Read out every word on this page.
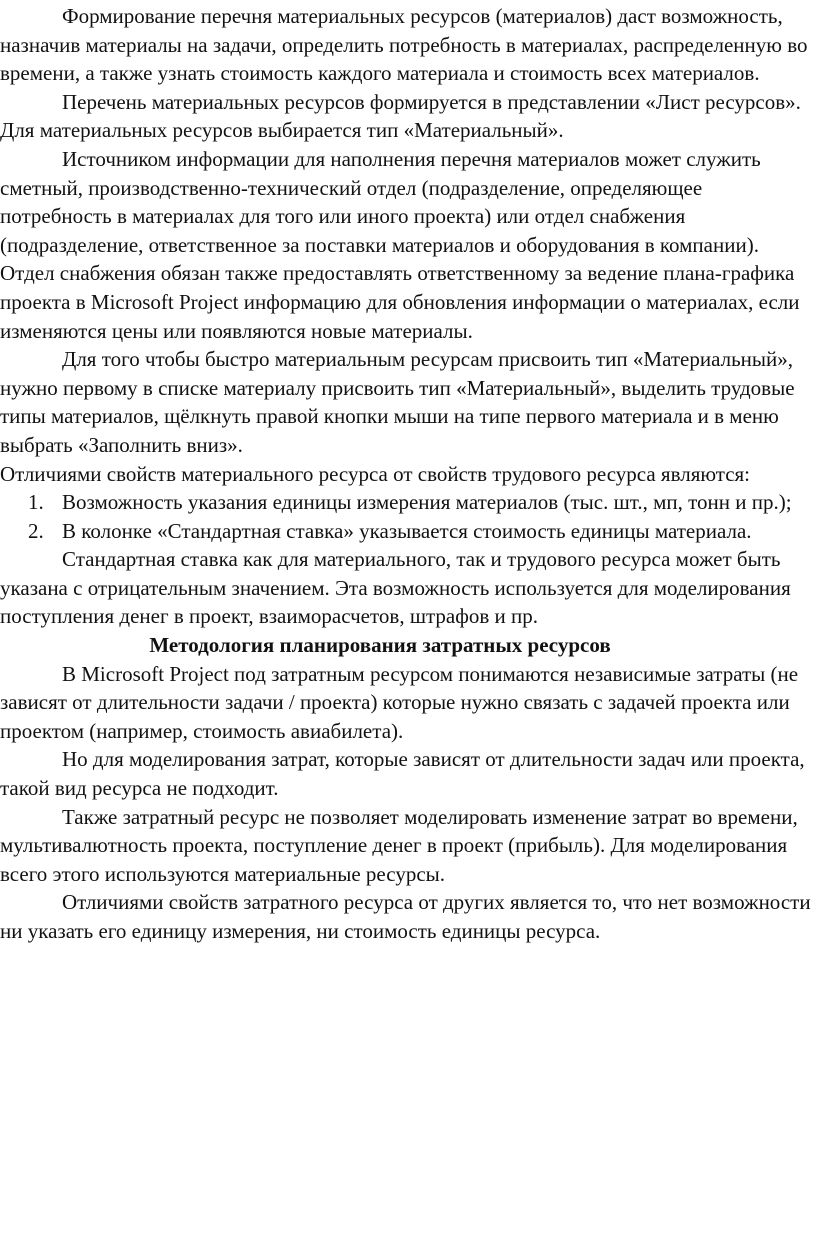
Формирование перечня материальных ресурсов (материалов) даст возможность, назначив материалы на задачи, определить потребность в материалах, распределенную во времени, а также узнать стоимость каждого материала и стоимость всех материалов.

Перечень материальных ресурсов формируется в представлении «Лист ресурсов». Для материальных ресурсов выбирается тип «Материальный».

Источником информации для наполнения перечня материалов может служить сметный, производственно-технический отдел (подразделение, определяющее потребность в материалах для того или иного проекта) или отдел снабжения (подразделение, ответственное за поставки материалов и оборудования в компании). Отдел снабжения обязан также предоставлять ответственному за ведение плана-графика проекта в Microsoft Project информацию для обновления информации о материалах, если изменяются цены или появляются новые материалы.

Для того чтобы быстро материальным ресурсам присвоить тип «Материальный», нужно первому в списке материалу присвоить тип «Материальный», выделить трудовые типы материалов, щёлкнуть правой кнопки мыши на типе первого материала и в меню выбрать «Заполнить вниз».

Отличиями свойств материального ресурса от свойств трудового ресурса являются:

1. Возможность указания единицы измерения материалов (тыс. шт., мп, тонн и пр.);
2. В колонке «Стандартная ставка» указывается стоимость единицы материала.

Стандартная ставка как для материального, так и трудового ресурса может быть указана с отрицательным значением. Эта возможность используется для моделирования поступления денег в проект, взаиморасчетов, штрафов и пр.

Методология планирования затратных ресурсов

В Microsoft Project под затратным ресурсом понимаются независимые затраты (не зависят от длительности задачи / проекта) которые нужно связать с задачей проекта или проектом (например, стоимость авиабилета).

Но для моделирования затрат, которые зависят от длительности задач или проекта, такой вид ресурса не подходит.

Также затратный ресурс не позволяет моделировать изменение затрат во времени, мультивалютность проекта, поступление денег в проект (прибыль). Для моделирования всего этого используются материальные ресурсы.

Отличиями свойств затратного ресурса от других является то, что нет возможности ни указать его единицу измерения, ни стоимость единицы ресурса.
